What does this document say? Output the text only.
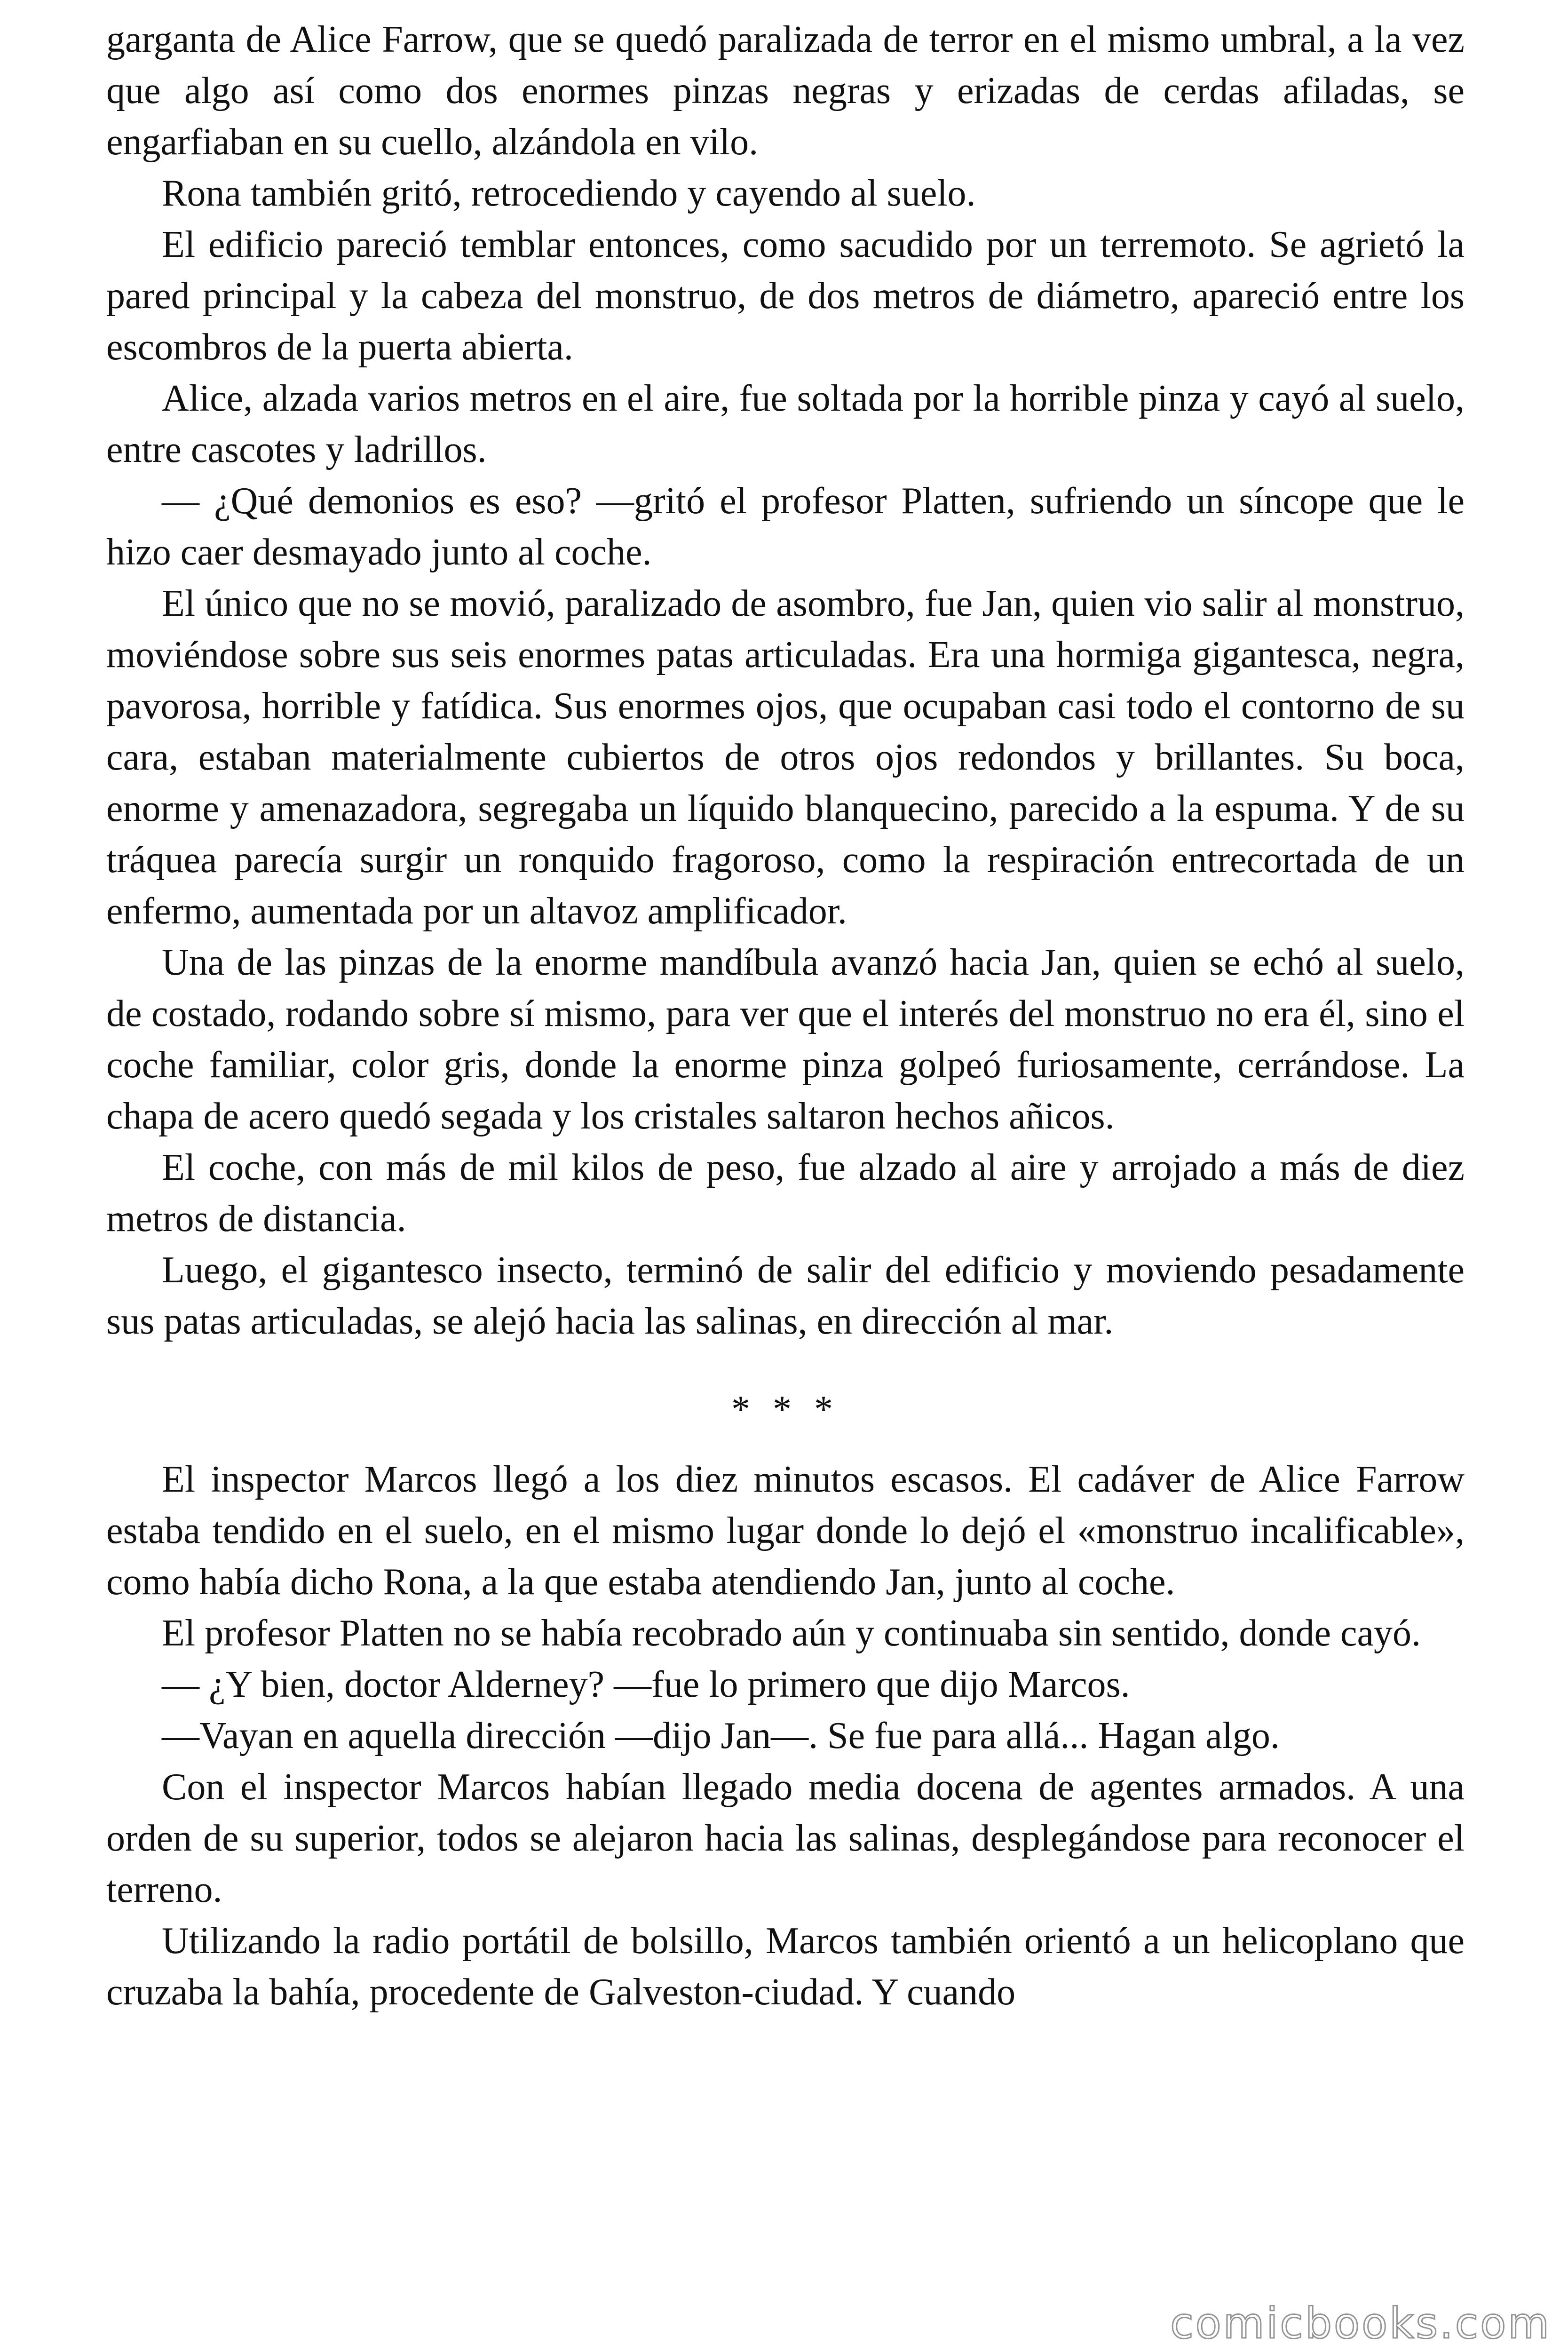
garganta de Alice Farrow, que se quedó paralizada de terror en el mismo umbral, a la vez que algo así como dos enormes pinzas negras y erizadas de cerdas afiladas, se engarfiaban en su cuello, alzándola en vilo.

Rona también gritó, retrocediendo y cayendo al suelo.

El edificio pareció temblar entonces, como sacudido por un terremoto. Se agrietó la pared principal y la cabeza del monstruo, de dos metros de diámetro, apareció entre los escombros de la puerta abierta.

Alice, alzada varios metros en el aire, fue soltada por la horrible pinza y cayó al suelo, entre cascotes y ladrillos.

— ¿Qué demonios es eso? —gritó el profesor Platten, sufriendo un síncope que le hizo caer desmayado junto al coche.

El único que no se movió, paralizado de asombro, fue Jan, quien vio salir al monstruo, moviéndose sobre sus seis enormes patas articuladas. Era una hormiga gigantesca, negra, pavorosa, horrible y fatídica. Sus enormes ojos, que ocupaban casi todo el contorno de su cara, estaban materialmente cubiertos de otros ojos redondos y brillantes. Su boca, enorme y amenazadora, segregaba un líquido blanquecino, parecido a la espuma. Y de su tráquea parecía surgir un ronquido fragoroso, como la respiración entrecortada de un enfermo, aumentada por un altavoz amplificador.

Una de las pinzas de la enorme mandíbula avanzó hacia Jan, quien se echó al suelo, de costado, rodando sobre sí mismo, para ver que el interés del monstruo no era él, sino el coche familiar, color gris, donde la enorme pinza golpeó furiosamente, cerrándose. La chapa de acero quedó segada y los cristales saltaron hechos añicos.

El coche, con más de mil kilos de peso, fue alzado al aire y arrojado a más de diez metros de distancia.

Luego, el gigantesco insecto, terminó de salir del edificio y moviendo pesadamente sus patas articuladas, se alejó hacia las salinas, en dirección al mar.

* * *

El inspector Marcos llegó a los diez minutos escasos. El cadáver de Alice Farrow estaba tendido en el suelo, en el mismo lugar donde lo dejó el «monstruo incalificable», como había dicho Rona, a la que estaba atendiendo Jan, junto al coche.

El profesor Platten no se había recobrado aún y continuaba sin sentido, donde cayó.

— ¿Y bien, doctor Alderney? —fue lo primero que dijo Marcos.

—Vayan en aquella dirección —dijo Jan—. Se fue para allá... Hagan algo.

Con el inspector Marcos habían llegado media docena de agentes armados. A una orden de su superior, todos se alejaron hacia las salinas, desplegándose para reconocer el terreno.

Utilizando la radio portátil de bolsillo, Marcos también orientó a un helicoplano que cruzaba la bahía, procedente de Galveston-ciudad. Y cuando

comicbooks.com
